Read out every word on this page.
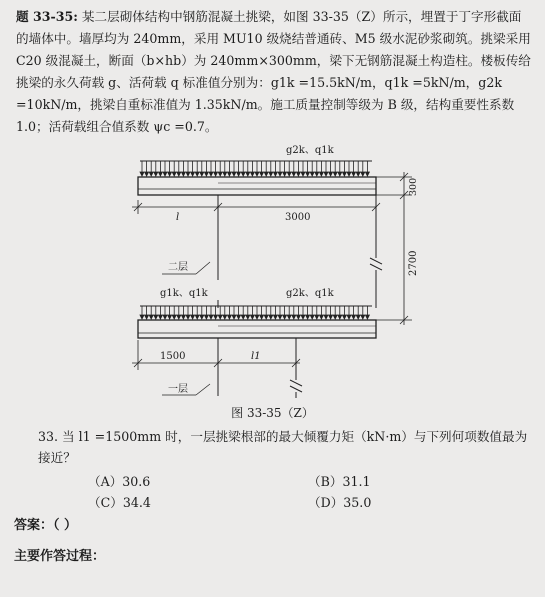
题 33-35: 某二层砌体结构中钢筋混凝土挑梁，如图 33-35（Z）所示，埋置于丁字形截面的墙体中。墙厚均为 240mm，采用 MU10 级烧结普通砖、M5 级水泥砂浆砌筑。挑梁采用 C20 级混凝土，断面（b×hb）为 240mm×300mm，梁下无钢筋混凝土构造柱。楼板传给挑梁的永久荷载 g、活荷载 q 标准值分别为：g1k =15.5kN/m，q1k =5kN/m，g2k =10kN/m，挑梁自重标准值为 1.35kN/m。施工质量控制等级为 B 级，结构重要性系数 1.0；活荷载组合值系数 ψc =0.7。
g2k、q1k
l	3000
300
2700
二层
g1k、q1k	g2k、q1k
1500	l1
一层
图 33-35（Z）
33. 当 l1 =1500mm 时，一层挑梁根部的最大倾覆力矩（kN·m）与下列何项数值最为接近？
（A）30.6	（B）31.1
（C）34.4	（D）35.0
答案：（ ）
主要作答过程：
